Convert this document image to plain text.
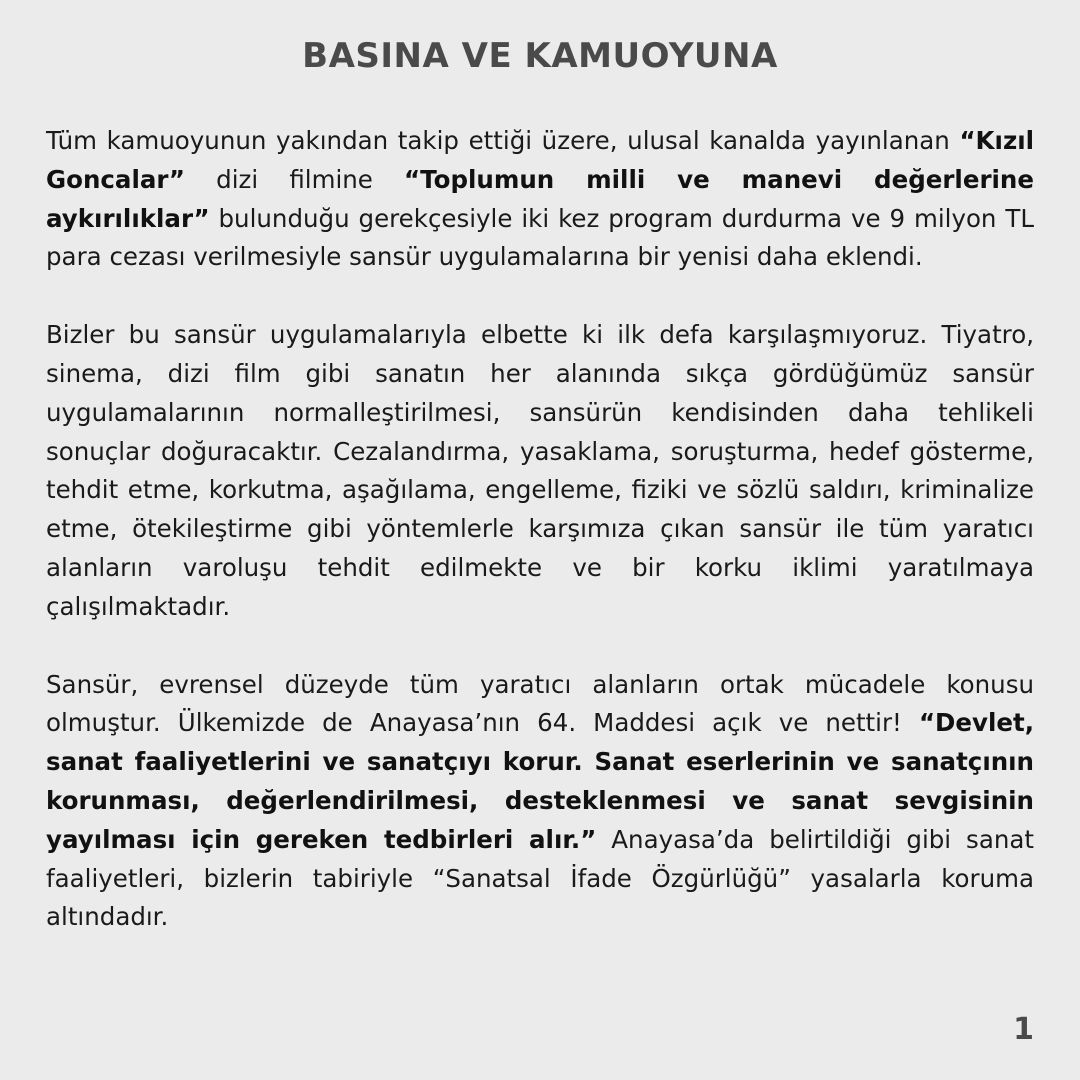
BASINA VE KAMUOYUNA

Tüm kamuoyunun yakından takip ettiği üzere, ulusal kanalda yayınlanan “Kızıl Goncalar” dizi filmine “Toplumun milli ve manevi değerlerine aykırılıklar” bulunduğu gerekçesiyle iki kez program durdurma ve 9 milyon TL para cezası verilmesiyle sansür uygulamalarına bir yenisi daha eklendi.

Bizler bu sansür uygulamalarıyla elbette ki ilk defa karşılaşmıyoruz. Tiyatro, sinema, dizi film gibi sanatın her alanında sıkça gördüğümüz sansür uygulamalarının normalleştirilmesi, sansürün kendisinden daha tehlikeli sonuçlar doğuracaktır. Cezalandırma, yasaklama, soruşturma, hedef gösterme, tehdit etme, korkutma, aşağılama, engelleme, fiziki ve sözlü saldırı, kriminalize etme, ötekileştirme gibi yöntemlerle karşımıza çıkan sansür ile tüm yaratıcı alanların varoluşu tehdit edilmekte ve bir korku iklimi yaratılmaya çalışılmaktadır.

Sansür, evrensel düzeyde tüm yaratıcı alanların ortak mücadele konusu olmuştur. Ülkemizde de Anayasa’nın 64. Maddesi açık ve nettir! “Devlet, sanat faaliyetlerini ve sanatçıyı korur. Sanat eserlerinin ve sanatçının korunması, değerlendirilmesi, desteklenmesi ve sanat sevgisinin yayılması için gereken tedbirleri alır.” Anayasa’da belirtildiği gibi sanat faaliyetleri, bizlerin tabiriyle “Sanatsal İfade Özgürlüğü” yasalarla koruma altındadır.

1
